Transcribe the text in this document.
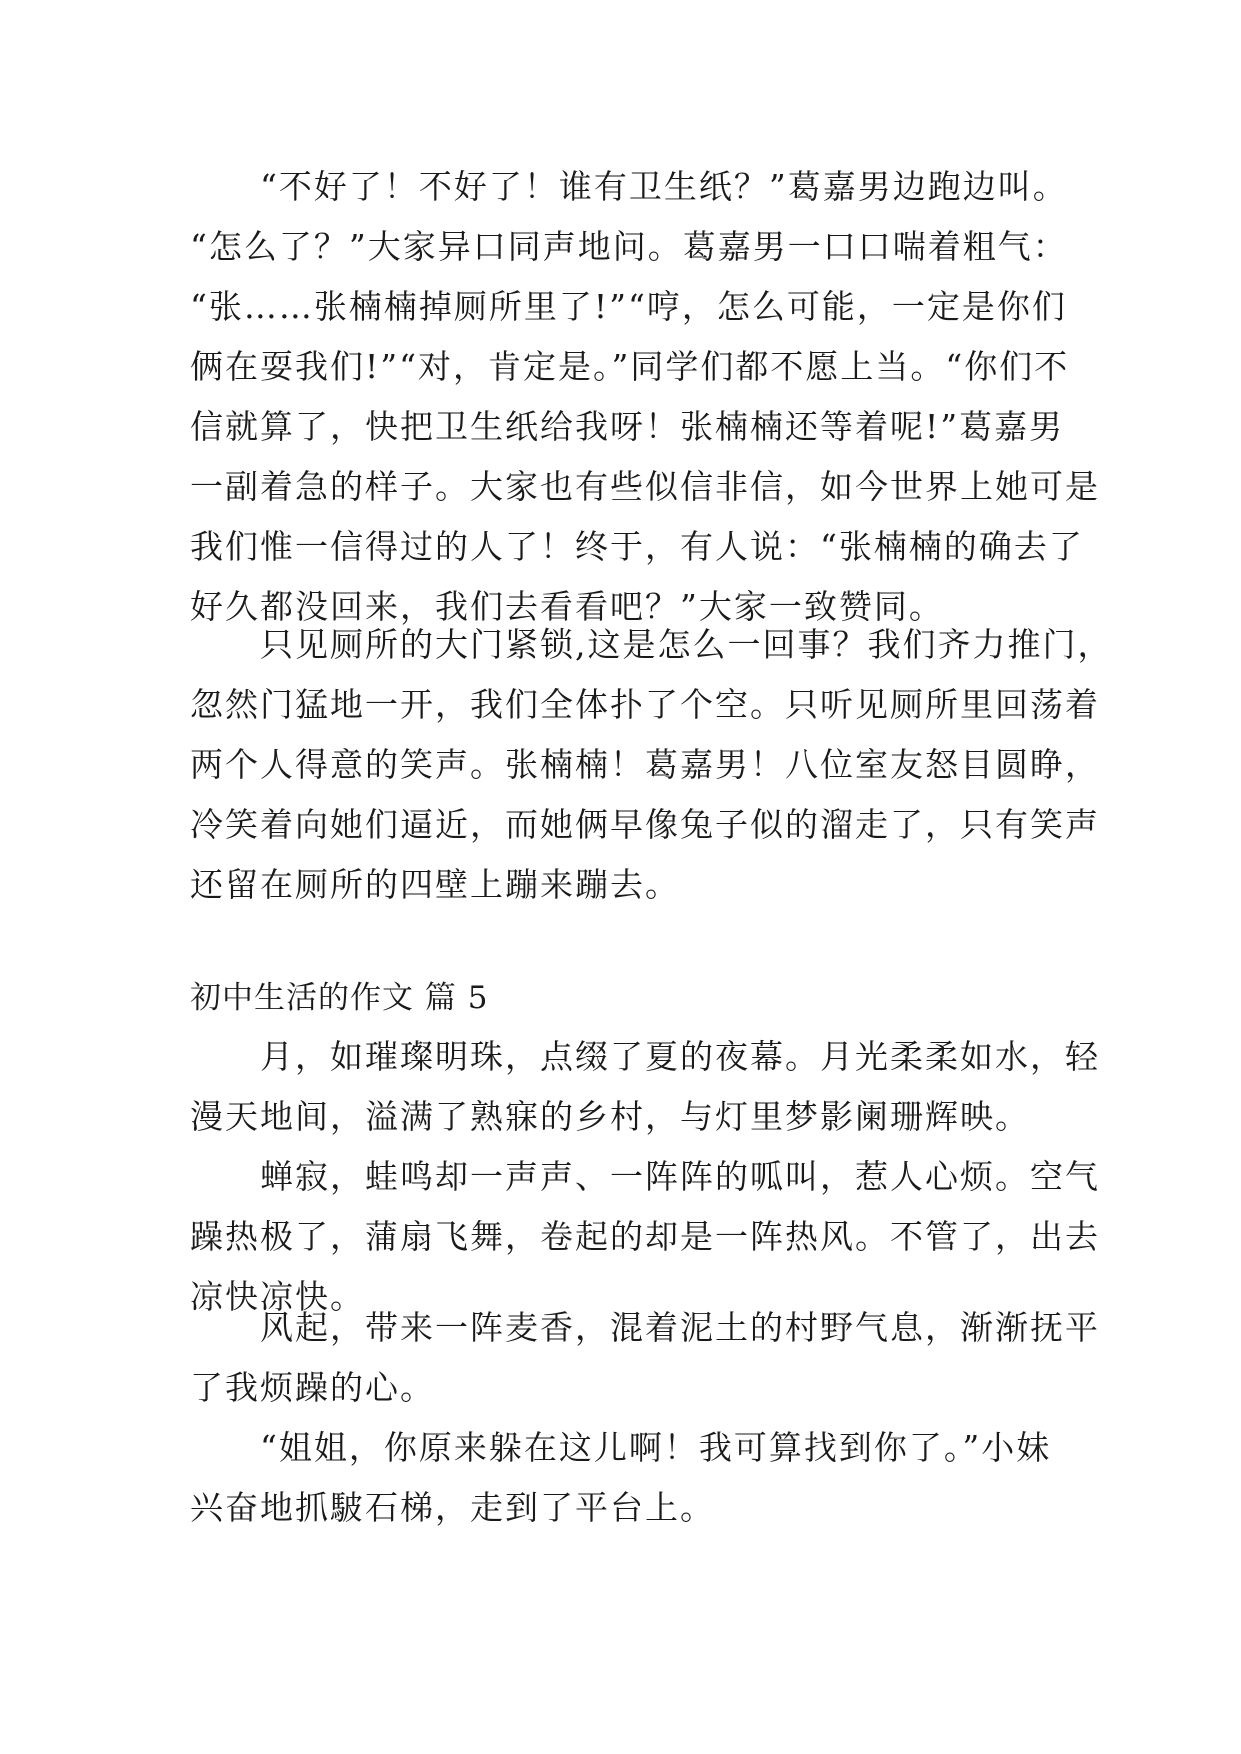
　　“不好了！不好了！谁有卫生纸？”葛嘉男边跑边叫。
“怎么了？”大家异口同声地问。葛嘉男一口口喘着粗气：
“张……张楠楠掉厕所里了!”“哼，怎么可能，一定是你们
俩在耍我们!”“对，肯定是。”同学们都不愿上当。“你们不
信就算了，快把卫生纸给我呀！张楠楠还等着呢!”葛嘉男
一副着急的样子。大家也有些似信非信，如今世界上她可是
我们惟一信得过的人了！终于，有人说：“张楠楠的确去了
好久都没回来，我们去看看吧？”大家一致赞同。
　　只见厕所的大门紧锁,这是怎么一回事？我们齐力推门，
忽然门猛地一开，我们全体扑了个空。只听见厕所里回荡着
两个人得意的笑声。张楠楠！葛嘉男！八位室友怒目圆睁，
冷笑着向她们逼近，而她俩早像兔子似的溜走了，只有笑声
还留在厕所的四壁上蹦来蹦去。
初中生活的作文 篇 5
　　月，如璀璨明珠，点缀了夏的夜幕。月光柔柔如水，轻
漫天地间，溢满了熟寐的乡村，与灯里梦影阑珊辉映。
　　蝉寂，蛙鸣却一声声、一阵阵的呱叫，惹人心烦。空气
躁热极了，蒲扇飞舞，卷起的却是一阵热风。不管了，出去
凉快凉快。
　　风起，带来一阵麦香，混着泥土的村野气息，渐渐抚平
了我烦躁的心。
　　“姐姐，你原来躲在这儿啊！我可算找到你了。”小妹
兴奋地抓駊石梯，走到了平台上。
